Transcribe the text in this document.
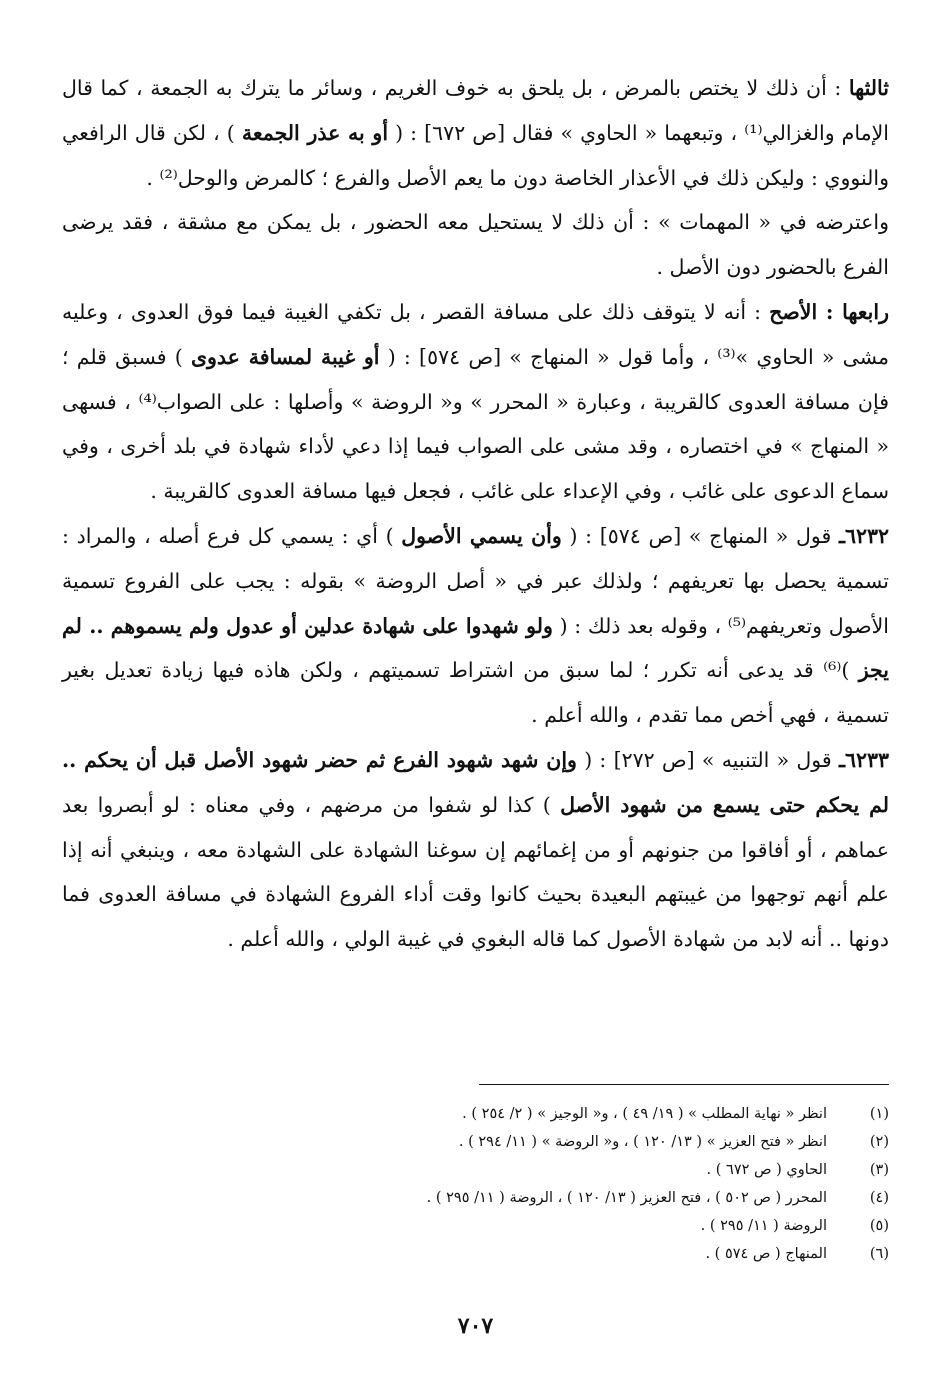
ثالثها : أن ذلك لا يختص بالمرض ، بل يلحق به خوف الغريم ، وسائر ما يترك به الجمعة ، كما قال الإمام والغزالي⁽¹⁾ ، وتبعهما « الحاوي » فقال [ص ٦٧٢] : ( أو به عذر الجمعة ) ، لكن قال الرافعي والنووي : وليكن ذلك في الأعذار الخاصة دون ما يعم الأصل والفرع ؛ كالمرض والوحل⁽²⁾ .

واعترضه في « المهمات » : أن ذلك لا يستحيل معه الحضور ، بل يمكن مع مشقة ، فقد يرضى الفرع بالحضور دون الأصل .

رابعها : الأصح : أنه لا يتوقف ذلك على مسافة القصر ، بل تكفي الغيبة فيما فوق العدوى ، وعليه مشى « الحاوي »⁽³⁾ ، وأما قول « المنهاج » [ص ٥٧٤] : ( أو غيبة لمسافة عدوى ) فسبق قلم ؛ فإن مسافة العدوى كالقريبة ، وعبارة « المحرر » و« الروضة » وأصلها : على الصواب⁽⁴⁾ ، فسهى « المنهاج » في اختصاره ، وقد مشى على الصواب فيما إذا دعي لأداء شهادة في بلد أخرى ، وفي سماع الدعوى على غائب ، وفي الإعداء على غائب ، فجعل فيها مسافة العدوى كالقريبة .

٦٢٣٢ـ قول « المنهاج » [ص ٥٧٤] : ( وأن يسمي الأصول ) أي : يسمي كل فرع أصله ، والمراد : تسمية يحصل بها تعريفهم ؛ ولذلك عبر في « أصل الروضة » بقوله : يجب على الفروع تسمية الأصول وتعريفهم⁽⁵⁾ ، وقوله بعد ذلك : ( ولو شهدوا على شهادة عدلين أو عدول ولم يسموهم .. لم يجز )⁽⁶⁾ قد يدعى أنه تكرر ؛ لما سبق من اشتراط تسميتهم ، ولكن هاذه فيها زيادة تعديل بغير تسمية ، فهي أخص مما تقدم ، والله أعلم .

٦٢٣٣ـ قول « التنبيه » [ص ٢٧٢] : ( وإن شهد شهود الفرع ثم حضر شهود الأصل قبل أن يحكم .. لم يحكم حتى يسمع من شهود الأصل ) كذا لو شفوا من مرضهم ، وفي معناه : لو أبصروا بعد عماهم ، أو أفاقوا من جنونهم أو من إغمائهم إن سوغنا الشهادة على الشهادة معه ، وينبغي أنه إذا علم أنهم توجهوا من غيبتهم البعيدة بحيث كانوا وقت أداء الفروع الشهادة في مسافة العدوى فما دونها .. أنه لابد من شهادة الأصول كما قاله البغوي في غيبة الولي ، والله أعلم .

(١)
انظر « نهاية المطلب » ( ١٩/ ٤٩ ) ، و« الوجيز » ( ٢/ ٢٥٤ ) .
(٢)
انظر « فتح العزيز » ( ١٣/ ١٢٠ ) ، و« الروضة » ( ١١/ ٢٩٤ ) .
(٣)
الحاوي ( ص ٦٧٢ ) .
(٤)
المحرر ( ص ٥٠٢ ) ، فتح العزيز ( ١٣/ ١٢٠ ) ، الروضة ( ١١/ ٢٩٥ ) .
(٥)
الروضة ( ١١/ ٢٩٥ ) .
(٦)
المنهاج ( ص ٥٧٤ ) .
٧٠٧
